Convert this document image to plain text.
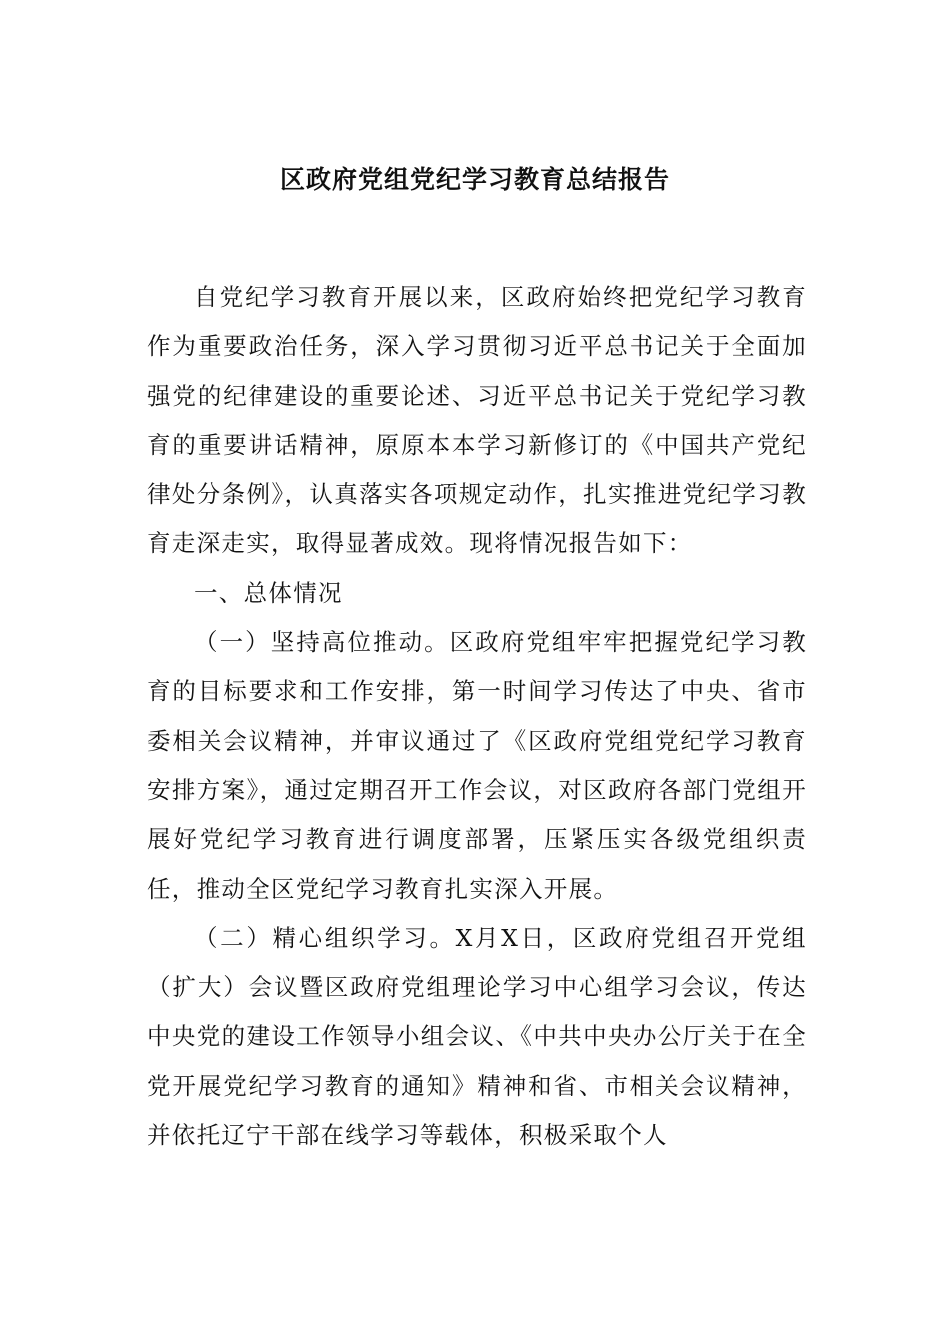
区政府党组党纪学习教育总结报告

自党纪学习教育开展以来，区政府始终把党纪学习教育作为重要政治任务，深入学习贯彻习近平总书记关于全面加强党的纪律建设的重要论述、习近平总书记关于党纪学习教育的重要讲话精神，原原本本学习新修订的《中国共产党纪律处分条例》，认真落实各项规定动作，扎实推进党纪学习教育走深走实，取得显著成效。现将情况报告如下：

一、总体情况

（一）坚持高位推动。区政府党组牢牢把握党纪学习教育的目标要求和工作安排，第一时间学习传达了中央、省市委相关会议精神，并审议通过了《区政府党组党纪学习教育安排方案》，通过定期召开工作会议，对区政府各部门党组开展好党纪学习教育进行调度部署，压紧压实各级党组织责任，推动全区党纪学习教育扎实深入开展。

（二）精心组织学习。X月X日，区政府党组召开党组（扩大）会议暨区政府党组理论学习中心组学习会议，传达中央党的建设工作领导小组会议、《中共中央办公厅关于在全党开展党纪学习教育的通知》精神和省、市相关会议精神，并依托辽宁干部在线学习等载体，积极采取个人
